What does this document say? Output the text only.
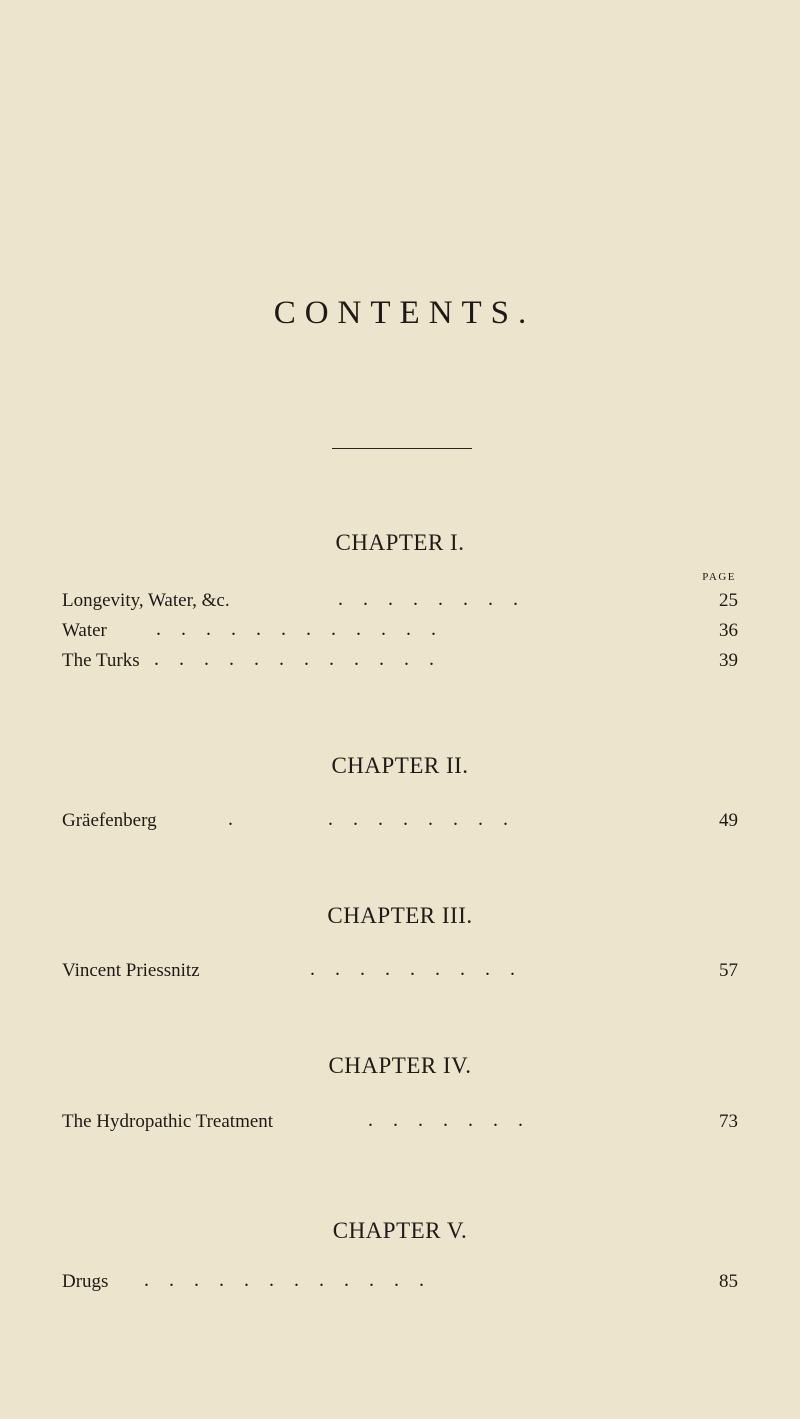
CONTENTS.
CHAPTER I.
PAGE
Longevity, Water, &c.	.    .    .    .    .    .    .    .	25
Water .    .    .    .    .    .    .    .    .    .    .    .	36
The Turks .    .    .    .    .    .    .    .    .    .    .    .	39
CHAPTER II.
Gräefenberg	.                   .    .    .    .    .    .    .    .	49
CHAPTER III.
Vincent Priessnitz	.    .    .    .    .    .    .    .    .	57
CHAPTER IV.
The Hydropathic Treatment	.    .    .    .    .    .    .	73
CHAPTER V.
Drugs .    .    .    .    .    .    .    .    .    .    .    .	85
